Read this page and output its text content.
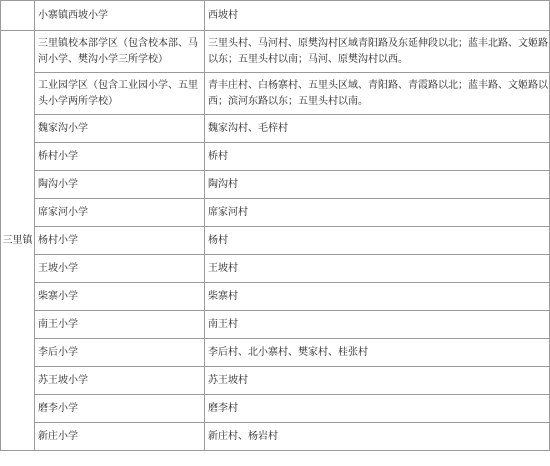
	小寨镇西坡小学	西坡村
三里镇	三里镇校本部学区（包含校本部、马河小学、樊沟小学三所学校）	三里头村、马河村、原樊沟村区域青阳路及东延伸段以北；蓝丰北路、文姬路以东；五里头村以南；马河、原樊沟村以西。
	工业园学区（包含工业园小学、五里头小学两所学校）	青丰庄村、白杨寨村、五里头区域、青阳路、青霞路以北；蓝丰路、文姬路以西；滨河东路以东；五里头村以南。
	魏家沟小学	魏家沟村、毛梓村
	桥村小学	桥村
	陶沟小学	陶沟村
	席家河小学	席家河村
	杨村小学	杨村
	王坡小学	王坡村
	柴寨小学	柴寨村
	南王小学	南王村
	李后小学	李后村、北小寨村、樊家村、桂张村
	苏王坡小学	苏王坡村
	磨李小学	磨李村
	新庄小学	新庄村、杨岩村
